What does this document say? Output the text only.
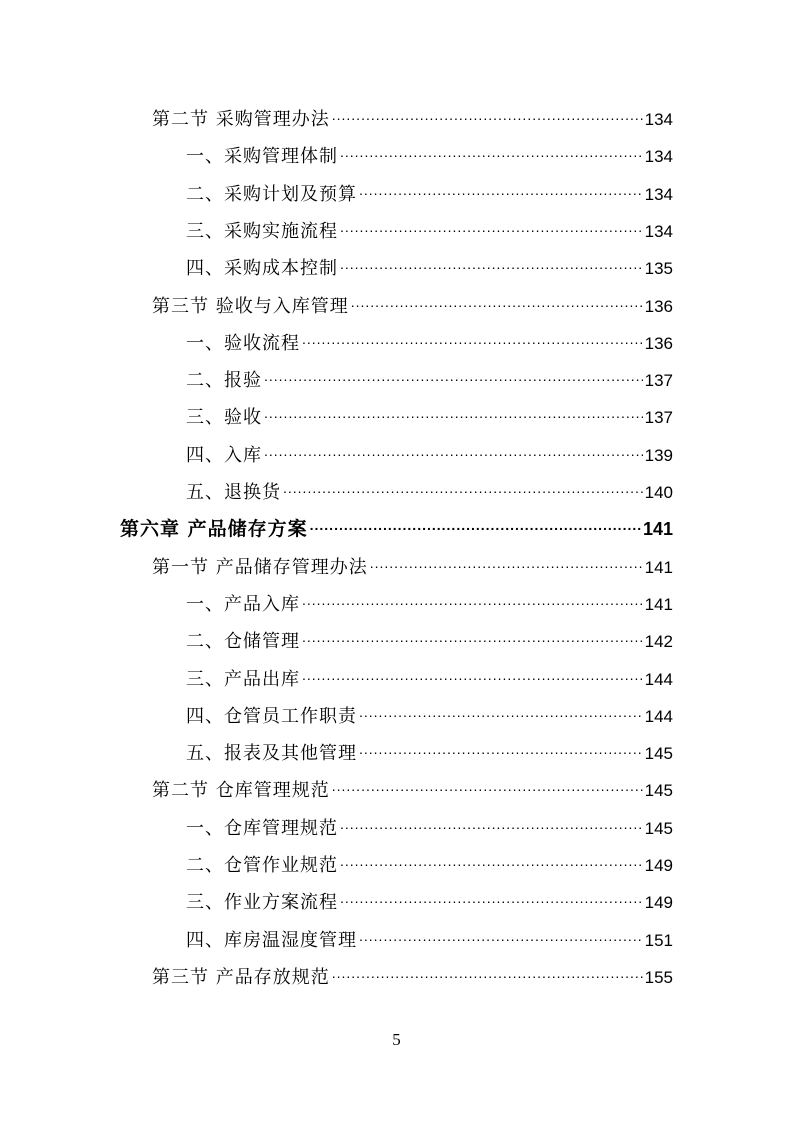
第二节 采购管理办法 .....	134
一、采购管理体制 .....	134
二、采购计划及预算 .....	134
三、采购实施流程 .....	134
四、采购成本控制 .....	135
第三节 验收与入库管理 .....	136
一、验收流程 .....	136
二、报验 .....	137
三、验收 .....	137
四、入库 .....	139
五、退换货 .....	140
第六章 产品储存方案 .....	141
第一节 产品储存管理办法 .....	141
一、产品入库 .....	141
二、仓储管理 .....	142
三、产品出库 .....	144
四、仓管员工作职责 .....	144
五、报表及其他管理 .....	145
第二节 仓库管理规范 .....	145
一、仓库管理规范 .....	145
二、仓管作业规范 .....	149
三、作业方案流程 .....	149
四、库房温湿度管理 .....	151
第三节 产品存放规范 .....	155
5
